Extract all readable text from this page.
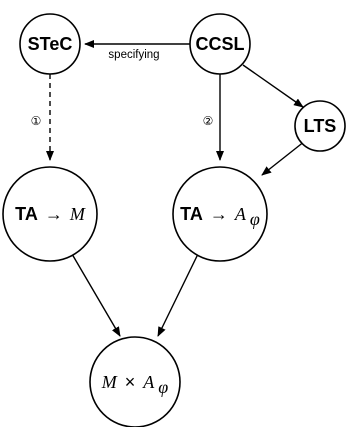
specifying
①	②
STeC	CCSL
LTS
TA → M	TA → A φ
M × A φ
